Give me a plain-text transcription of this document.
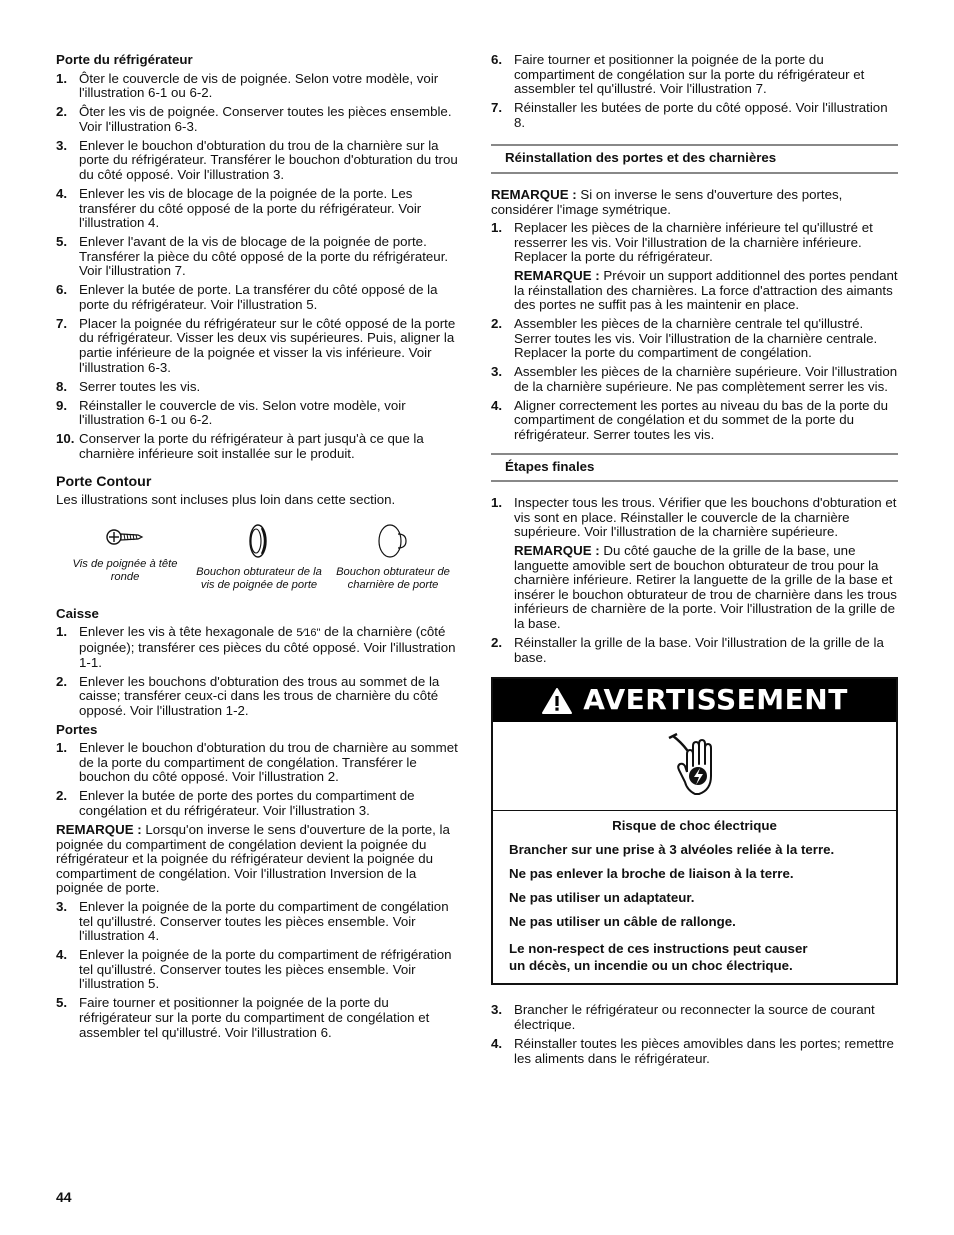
Porte du réfrigérateur

1. Ôter le couvercle de vis de poignée. Selon votre modèle, voir l'illustration 6-1 ou 6-2.
2. Ôter les vis de poignée. Conserver toutes les pièces ensemble. Voir l'illustration 6-3.
3. Enlever le bouchon d'obturation du trou de la charnière sur la porte du réfrigérateur. Transférer le bouchon d'obturation du trou du côté opposé. Voir l'illustration 3.
4. Enlever les vis de blocage de la poignée de la porte. Les transférer du côté opposé de la porte du réfrigérateur. Voir l'illustration 4.
5. Enlever l'avant de la vis de blocage de la poignée de porte. Transférer la pièce du côté opposé de la porte du réfrigérateur. Voir l'illustration 7.
6. Enlever la butée de porte. La transférer du côté opposé de la porte du réfrigérateur. Voir l'illustration 5.
7. Placer la poignée du réfrigérateur sur le côté opposé de la porte du réfrigérateur. Visser les deux vis supérieures. Puis, aligner la partie inférieure de la poignée et visser la vis inférieure. Voir l'illustration 6-3.
8. Serrer toutes les vis.
9. Réinstaller le couvercle de vis. Selon votre modèle, voir l'illustration 6-1 ou 6-2.
10. Conserver la porte du réfrigérateur à part jusqu'à ce que la charnière inférieure soit installée sur le produit.

Porte Contour

Les illustrations sont incluses plus loin dans cette section.

Vis de poignée à tête ronde	Bouchon obturateur de la vis de poignée de porte
Bouchon obturateur de charnière de porte

Caisse

1. Enlever les vis à tête hexagonale de 5⁄16" de la charnière (côté poignée); transférer ces pièces du côté opposé. Voir l'illustration 1-1.
2. Enlever les bouchons d'obturation des trous au sommet de la caisse; transférer ceux-ci dans les trous de charnière du côté opposé. Voir l'illustration 1-2.

Portes

1. Enlever le bouchon d'obturation du trou de charnière au sommet de la porte du compartiment de congélation. Transférer le bouchon du côté opposé. Voir l'illustration 2.
2. Enlever la butée de porte des portes du compartiment de congélation et du réfrigérateur. Voir l'illustration 3.

REMARQUE : Lorsqu'on inverse le sens d'ouverture de la porte, la poignée du compartiment de congélation devient la poignée du réfrigérateur et la poignée du réfrigérateur devient la poignée du compartiment de congélation. Voir l'illustration Inversion de la poignée de porte.

3. Enlever la poignée de la porte du compartiment de congélation tel qu'illustré. Conserver toutes les pièces ensemble. Voir l'illustration 4.
4. Enlever la poignée de la porte du compartiment de réfrigération tel qu'illustré. Conserver toutes les pièces ensemble. Voir l'illustration 5.
5. Faire tourner et positionner la poignée de la porte du réfrigérateur sur la porte du compartiment de congélation et assembler tel qu'illustré. Voir l'illustration 6.
6. Faire tourner et positionner la poignée de la porte du compartiment de congélation sur la porte du réfrigérateur et assembler tel qu'illustré. Voir l'illustration 7.
7. Réinstaller les butées de porte du côté opposé. Voir l'illustration 8.
Réinstallation des portes et des charnières

REMARQUE : Si on inverse le sens d'ouverture des portes, considérer l'image symétrique.

1. Replacer les pièces de la charnière inférieure tel qu'illustré et resserrer les vis. Voir l'illustration de la charnière inférieure. Replacer la porte du réfrigérateur.

REMARQUE : Prévoir un support additionnel des portes pendant la réinstallation des charnières. La force d'attraction des aimants des portes ne suffit pas à les maintenir en place.

2. Assembler les pièces de la charnière centrale tel qu'illustré. Serrer toutes les vis. Voir l'illustration de la charnière centrale. Replacer la porte du compartiment de congélation.
3. Assembler les pièces de la charnière supérieure. Voir l'illustration de la charnière supérieure. Ne pas complètement serrer les vis.
4. Aligner correctement les portes au niveau du bas de la porte du compartiment de congélation et du sommet de la porte du réfrigérateur. Serrer toutes les vis.
Étapes finales
1. Inspecter tous les trous. Vérifier que les bouchons d'obturation et vis sont en place. Réinstaller le couvercle de la charnière supérieure. Voir l'illustration de la charnière supérieure.

REMARQUE : Du côté gauche de la grille de la base, une languette amovible sert de bouchon obturateur de trou pour la charnière inférieure. Retirer la languette de la grille de la base et insérer le bouchon obturateur de trou de charnière dans les trous inférieurs de charnière de la porte. Voir l'illustration de la grille de la base.

2. Réinstaller la grille de la base. Voir l'illustration de la grille de la base.
AVERTISSEMENT

Risque de choc électrique

Brancher sur une prise à 3 alvéoles reliée à la terre.

Ne pas enlever la broche de liaison à la terre.

Ne pas utiliser un adaptateur.

Ne pas utiliser un câble de rallonge.

Le non-respect de ces instructions peut causer

un décès, un incendie ou un choc électrique.

3. Brancher le réfrigérateur ou reconnecter la source de courant électrique.
4. Réinstaller toutes les pièces amovibles dans les portes; remettre les aliments dans le réfrigérateur.
44
